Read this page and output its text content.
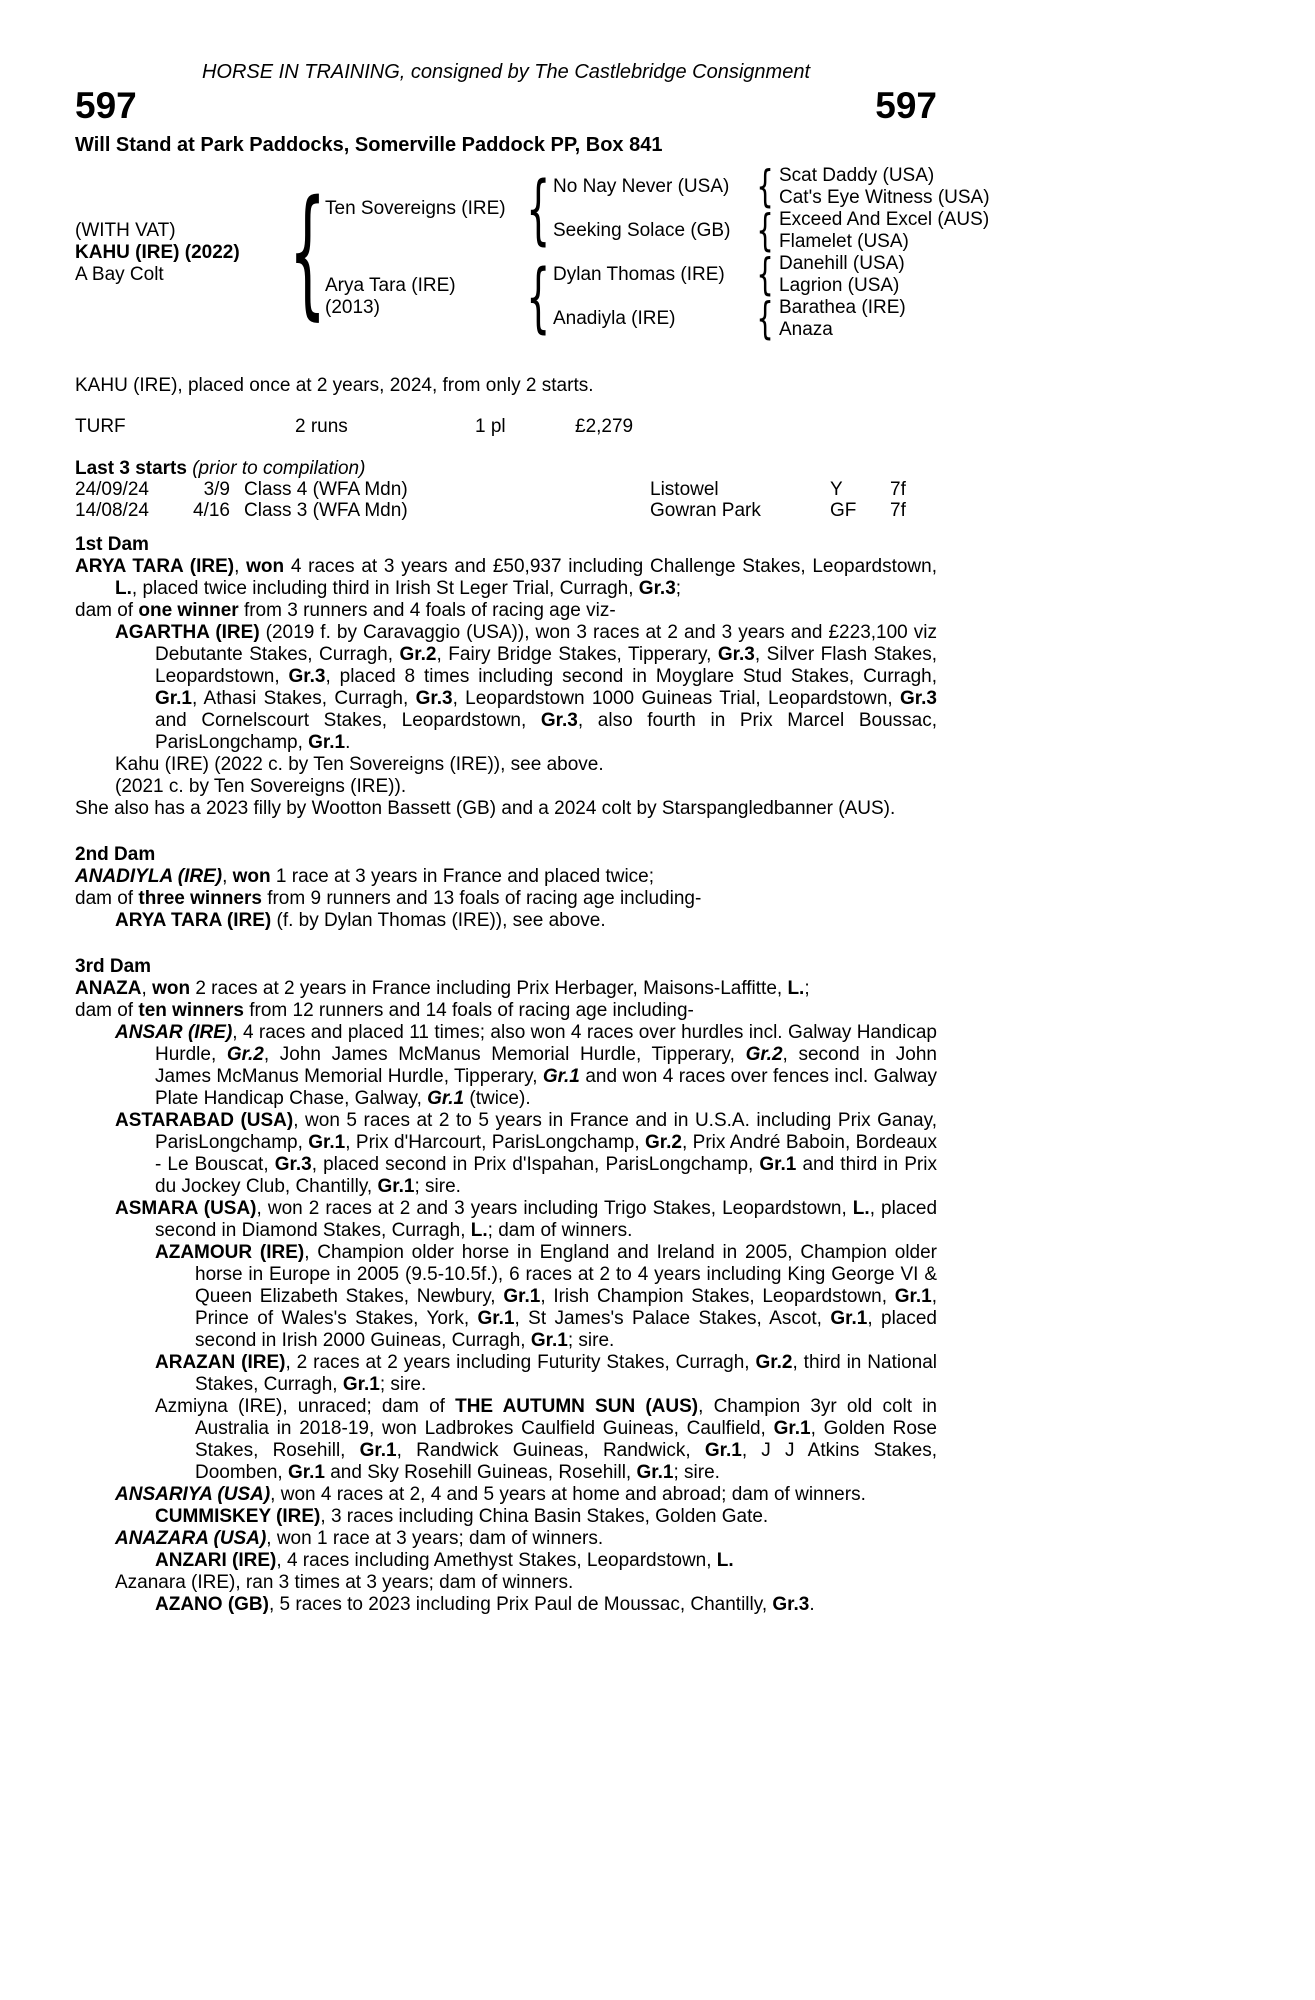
HORSE IN TRAINING, consigned by The Castlebridge Consignment
597	597
Will Stand at Park Paddocks, Somerville Paddock PP, Box 841
(WITH VAT)
KAHU (IRE) (2022)
A Bay Colt {
Ten Sovereigns (IRE)
Arya Tara (IRE)
(2013)
{
{
No Nay Never (USA)
Seeking Solace (GB)
Dylan Thomas (IRE)
Anadiyla (IRE)
{
{
{
{
Scat Daddy (USA)
Cat's Eye Witness (USA)
Exceed And Excel (AUS)
Flamelet (USA)
Danehill (USA)
Lagrion (USA)
Barathea (IRE)
Anaza
KAHU (IRE), placed once at 2 years, 2024, from only 2 starts.
TURF	2 runs	1 pl	£2,279
Last 3 starts (prior to compilation)
24/09/24	3/9 Class 4 (WFA Mdn)	Listowel	Y	7f
14/08/24	4/16 Class 3 (WFA Mdn)	Gowran Park	GF	7f
1st Dam

ARYA TARA (IRE), won 4 races at 3 years and £50,937 including Challenge Stakes, Leopardstown, L., placed twice including third in Irish St Leger Trial, Curragh, Gr.3;

dam of one winner from 3 runners and 4 foals of racing age viz-

AGARTHA (IRE) (2019 f. by Caravaggio (USA)), won 3 races at 2 and 3 years and £223,100 viz Debutante Stakes, Curragh, Gr.2, Fairy Bridge Stakes, Tipperary, Gr.3, Silver Flash Stakes, Leopardstown, Gr.3, placed 8 times including second in Moyglare Stud Stakes, Curragh, Gr.1, Athasi Stakes, Curragh, Gr.3, Leopardstown 1000 Guineas Trial, Leopardstown, Gr.3 and Cornelscourt Stakes, Leopardstown, Gr.3, also fourth in Prix Marcel Boussac, ParisLongchamp, Gr.1.

Kahu (IRE) (2022 c. by Ten Sovereigns (IRE)), see above.

(2021 c. by Ten Sovereigns (IRE)).

She also has a 2023 filly by Wootton Bassett (GB) and a 2024 colt by Starspangledbanner (AUS).

2nd Dam

ANADIYLA (IRE), won 1 race at 3 years in France and placed twice;

dam of three winners from 9 runners and 13 foals of racing age including-

ARYA TARA (IRE) (f. by Dylan Thomas (IRE)), see above.

3rd Dam

ANAZA, won 2 races at 2 years in France including Prix Herbager, Maisons-Laffitte, L.;

dam of ten winners from 12 runners and 14 foals of racing age including-

ANSAR (IRE), 4 races and placed 11 times; also won 4 races over hurdles incl. Galway Handicap Hurdle, Gr.2, John James McManus Memorial Hurdle, Tipperary, Gr.2, second in John James McManus Memorial Hurdle, Tipperary, Gr.1 and won 4 races over fences incl. Galway Plate Handicap Chase, Galway, Gr.1 (twice).

ASTARABAD (USA), won 5 races at 2 to 5 years in France and in U.S.A. including Prix Ganay, ParisLongchamp, Gr.1, Prix d'Harcourt, ParisLongchamp, Gr.2, Prix André Baboin, Bordeaux - Le Bouscat, Gr.3, placed second in Prix d'Ispahan, ParisLongchamp, Gr.1 and third in Prix du Jockey Club, Chantilly, Gr.1; sire.

ASMARA (USA), won 2 races at 2 and 3 years including Trigo Stakes, Leopardstown, L., placed second in Diamond Stakes, Curragh, L.; dam of winners.

AZAMOUR (IRE), Champion older horse in England and Ireland in 2005, Champion older horse in Europe in 2005 (9.5-10.5f.), 6 races at 2 to 4 years including King George VI & Queen Elizabeth Stakes, Newbury, Gr.1, Irish Champion Stakes, Leopardstown, Gr.1, Prince of Wales's Stakes, York, Gr.1, St James's Palace Stakes, Ascot, Gr.1, placed second in Irish 2000 Guineas, Curragh, Gr.1; sire.

ARAZAN (IRE), 2 races at 2 years including Futurity Stakes, Curragh, Gr.2, third in National Stakes, Curragh, Gr.1; sire.

Azmiyna (IRE), unraced; dam of THE AUTUMN SUN (AUS), Champion 3yr old colt in Australia in 2018-19, won Ladbrokes Caulfield Guineas, Caulfield, Gr.1, Golden Rose Stakes, Rosehill, Gr.1, Randwick Guineas, Randwick, Gr.1, J J Atkins Stakes, Doomben, Gr.1 and Sky Rosehill Guineas, Rosehill, Gr.1; sire.

ANSARIYA (USA), won 4 races at 2, 4 and 5 years at home and abroad; dam of winners.

CUMMISKEY (IRE), 3 races including China Basin Stakes, Golden Gate.

ANAZARA (USA), won 1 race at 3 years; dam of winners.

ANZARI (IRE), 4 races including Amethyst Stakes, Leopardstown, L.

Azanara (IRE), ran 3 times at 3 years; dam of winners.

AZANO (GB), 5 races to 2023 including Prix Paul de Moussac, Chantilly, Gr.3.
